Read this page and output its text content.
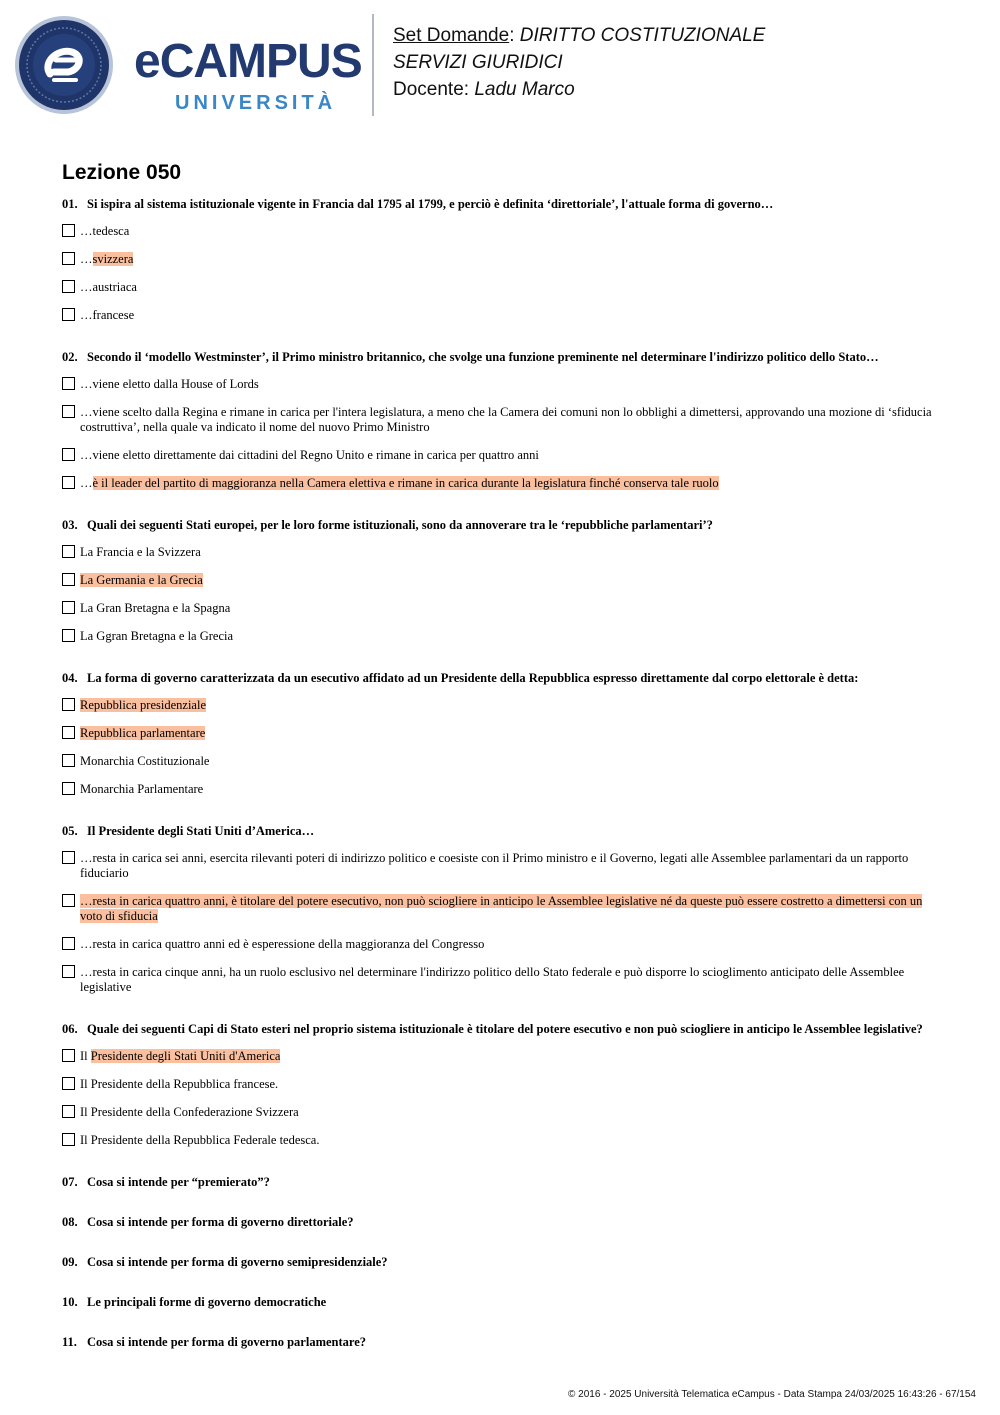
eCAMPUS
UNIVERSITÀ
Set Domande: DIRITTO COSTITUZIONALE
SERVIZI GIURIDICI
Docente: Ladu Marco
Lezione 050
01. Si ispira al sistema istituzionale vigente in Francia dal 1795 al 1799, e perciò è definita ‘direttoriale’, l'attuale forma di governo…
…tedesca
…svizzera
…austriaca
…francese
02. Secondo il ‘modello Westminster’, il Primo ministro britannico, che svolge una funzione preminente nel determinare l'indirizzo politico dello Stato…
…viene eletto dalla House of Lords
…viene scelto dalla Regina e rimane in carica per l'intera legislatura, a meno che la Camera dei comuni non lo obblighi a dimettersi, approvando una mozione di ‘sfiducia costruttiva’, nella quale va indicato il nome del nuovo Primo Ministro
…viene eletto direttamente dai cittadini del Regno Unito e rimane in carica per quattro anni
…è il leader del partito di maggioranza nella Camera elettiva e rimane in carica durante la legislatura finché conserva tale ruolo
03. Quali dei seguenti Stati europei, per le loro forme istituzionali, sono da annoverare tra le ‘repubbliche parlamentari’?
La Francia e la Svizzera
La Germania e la Grecia
La Gran Bretagna e la Spagna
La Ggran Bretagna e la Grecia
04. La forma di governo caratterizzata da un esecutivo affidato ad un Presidente della Repubblica espresso direttamente dal corpo elettorale è detta:
Repubblica presidenziale
Repubblica parlamentare
Monarchia Costituzionale
Monarchia Parlamentare
05. Il Presidente degli Stati Uniti d’America…
…resta in carica sei anni, esercita rilevanti poteri di indirizzo politico e coesiste con il Primo ministro e il Governo, legati alle Assemblee parlamentari da un rapporto fiduciario
…resta in carica quattro anni, è titolare del potere esecutivo, non può sciogliere in anticipo le Assemblee legislative né da queste può essere costretto a dimettersi con un voto di sfiducia
…resta in carica quattro anni ed è esperessione della maggioranza del Congresso
…resta in carica cinque anni, ha un ruolo esclusivo nel determinare l'indirizzo politico dello Stato federale e può disporre lo scioglimento anticipato delle Assemblee legislative
06. Quale dei seguenti Capi di Stato esteri nel proprio sistema istituzionale è titolare del potere esecutivo e non può sciogliere in anticipo le Assemblee legislative?
Il Presidente degli Stati Uniti d'America
Il Presidente della Repubblica francese.
Il Presidente della Confederazione Svizzera
Il Presidente della Repubblica Federale tedesca.
07. Cosa si intende per “premierato”?
08. Cosa si intende per forma di governo direttoriale?
09. Cosa si intende per forma di governo semipresidenziale?
10. Le principali forme di governo democratiche
11. Cosa si intende per forma di governo parlamentare?
© 2016 - 2025 Università Telematica eCampus - Data Stampa 24/03/2025 16:43:26 - 67/154
